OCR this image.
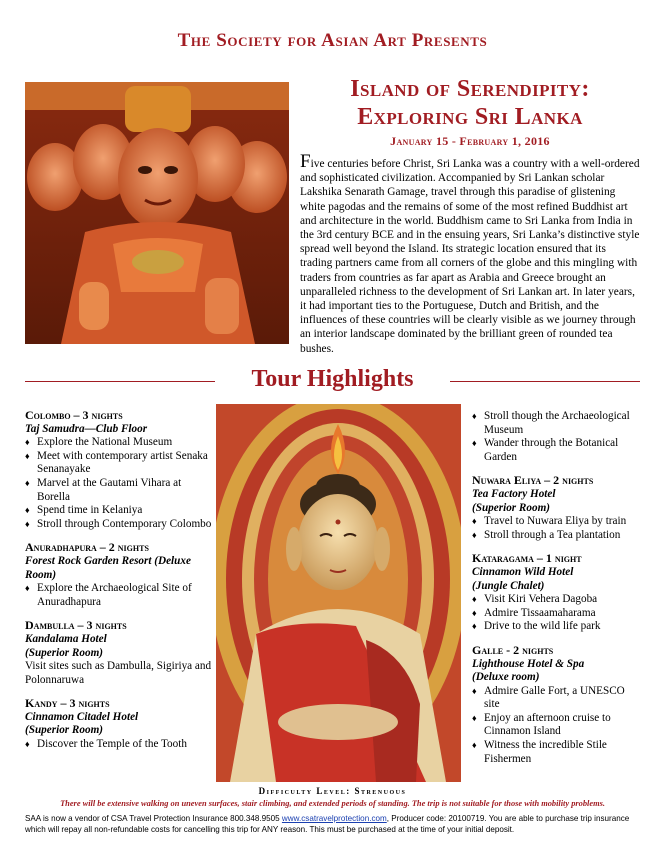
The Society for Asian Art Presents
Island of Serendipity:
Exploring Sri Lanka
January 15 - February 1, 2016
Five centuries before Christ, Sri Lanka was a country with a well-ordered and sophisticated civilization. Accompanied by Sri Lankan scholar Lakshika Senarath Gamage, travel through this paradise of glistening white pagodas and the remains of some of the most refined Buddhist art and architecture in the world. Buddhism came to Sri Lanka from India in the 3rd century BCE and in the ensuing years, Sri Lanka’s distinctive style spread well beyond the Island. Its strategic location ensured that its trading partners came from all corners of the globe and this mingling with traders from countries as far apart as Arabia and Greece brought an unparalleled richness to the development of Sri Lankan art. In later years, it had important ties to the Portuguese, Dutch and British, and the influences of these countries will be clearly visible as we journey through an interior landscape dominated by the brilliant green of rounded tea bushes.
Tour Highlights
Colombo – 3 nights
Taj Samudra—Club Floor
♦ Explore the National Museum
♦ Meet with contemporary artist Senaka Senanayake
♦ Marvel at the Gautami Vihara at Borella
♦ Spend time in Kelaniya
♦ Stroll through Contemporary Colombo
Anuradhapura – 2 nights
Forest Rock Garden Resort (Deluxe Room)
♦ Explore the Archaeological Site of Anuradhapura
Dambulla – 3 nights
Kandalama Hotel
(Superior Room)
Visit sites such as Dambulla, Sigiriya and Polonnaruwa
Kandy – 3 nights
Cinnamon Citadel Hotel
(Superior Room)
♦ Discover the Temple of the Tooth
♦ Stroll though the Archaeological Museum
♦ Wander through the Botanical Garden
Nuwara Eliya – 2 nights
Tea Factory Hotel
(Superior Room)
♦ Travel to Nuwara Eliya by train
♦ Stroll through a Tea plantation
Kataragama – 1 night
Cinnamon Wild Hotel
(Jungle Chalet)
♦ Visit Kiri Vehera Dagoba
♦ Admire Tissaamaharama
♦ Drive to the wild life park
Galle - 2 nights
Lighthouse Hotel & Spa
(Deluxe room)
♦ Admire Galle Fort, a UNESCO site
♦ Enjoy an afternoon cruise to Cinnamon Island
♦ Witness the incredible Stile Fishermen
Difficulty Level: Strenuous
There will be extensive walking on uneven surfaces, stair climbing, and extended periods of standing. The trip is not suitable for those with mobility problems.
SAA is now a vendor of CSA Travel Protection Insurance 800.348.9505 www.csatravelprotection.com, Producer code: 20100719. You are able to purchase trip insurance which will repay all non-refundable costs for cancelling this trip for ANY reason. This must be purchased at the time of your initial deposit.
